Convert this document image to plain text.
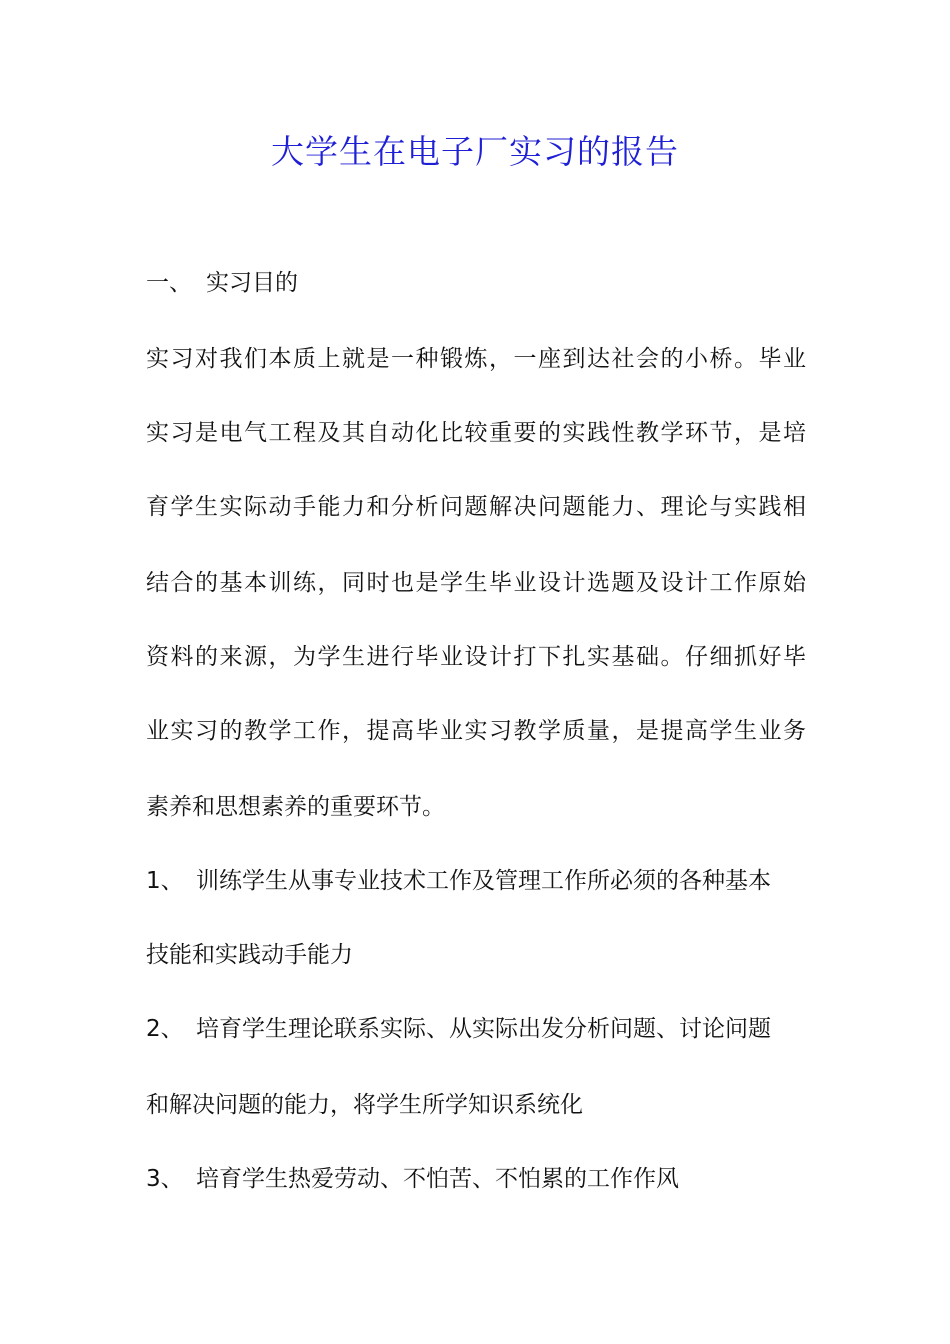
大学生在电子厂实习的报告
一、 实习目的
实习对我们本质上就是一种锻炼，一座到达社会的小桥。毕业
实习是电气工程及其自动化比较重要的实践性教学环节，是培
育学生实际动手能力和分析问题解决问题能力、理论与实践相
结合的基本训练，同时也是学生毕业设计选题及设计工作原始
资料的来源，为学生进行毕业设计打下扎实基础。仔细抓好毕
业实习的教学工作，提高毕业实习教学质量，是提高学生业务
素养和思想素养的重要环节。
1、 训练学生从事专业技术工作及管理工作所必须的各种基本
技能和实践动手能力
2、 培育学生理论联系实际、从实际出发分析问题、讨论问题
和解决问题的能力，将学生所学知识系统化
3、 培育学生热爱劳动、不怕苦、不怕累的工作作风
